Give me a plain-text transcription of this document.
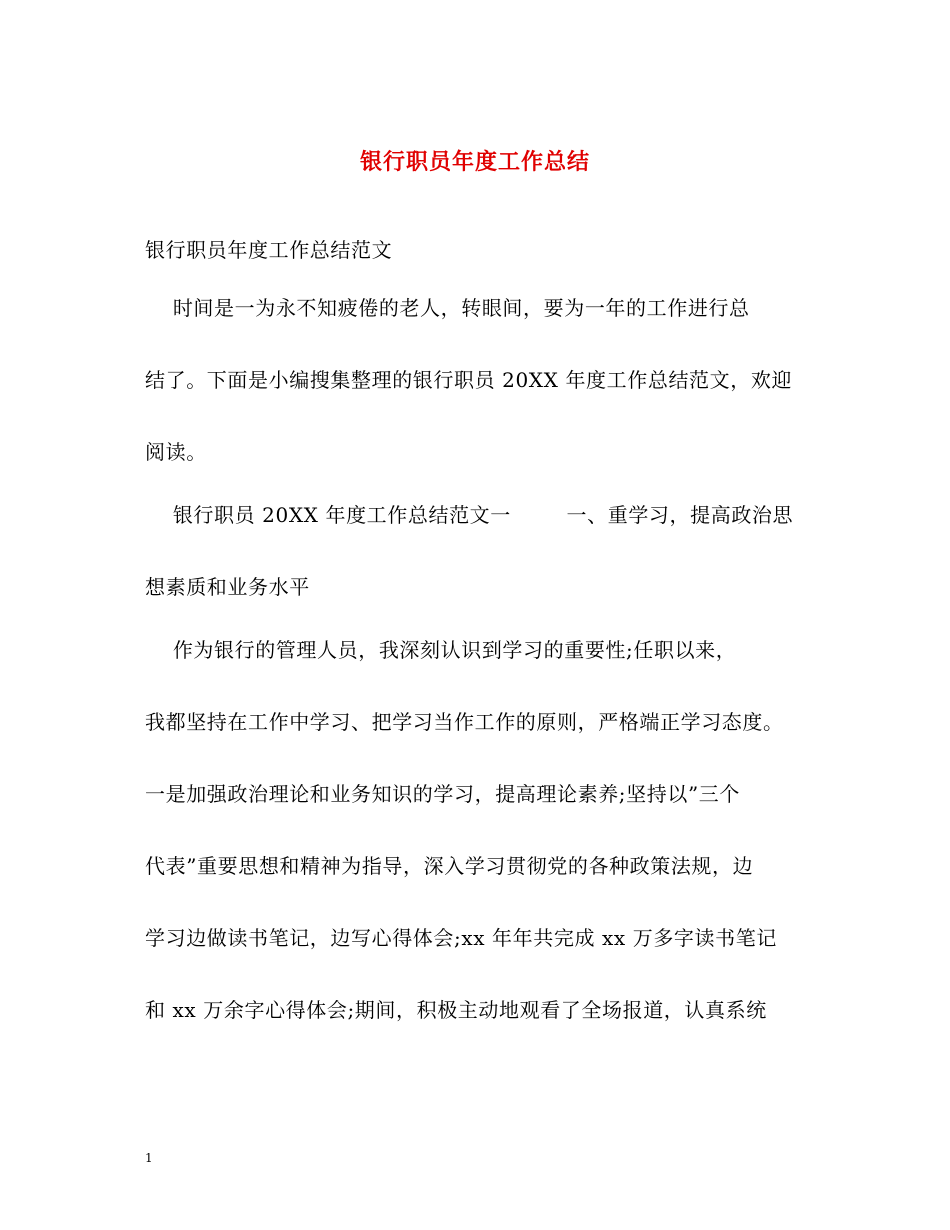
银行职员年度工作总结
银行职员年度工作总结范文
时间是一为永不知疲倦的老人，转眼间，要为一年的工作进行总
结了。下面是小编搜集整理的银行职员 20XX 年度工作总结范文，欢迎
阅读。
银行职员 20XX 年度工作总结范文一        一、重学习，提高政治思
想素质和业务水平
作为银行的管理人员，我深刻认识到学习的重要性;任职以来，
我都坚持在工作中学习、把学习当作工作的原则，严格端正学习态度。
一是加强政治理论和业务知识的学习，提高理论素养;坚持以”三个
代表”重要思想和精神为指导，深入学习贯彻党的各种政策法规，边
学习边做读书笔记，边写心得体会;xx 年年共完成 xx 万多字读书笔记
和 xx 万余字心得体会;期间，积极主动地观看了全场报道，认真系统
1
